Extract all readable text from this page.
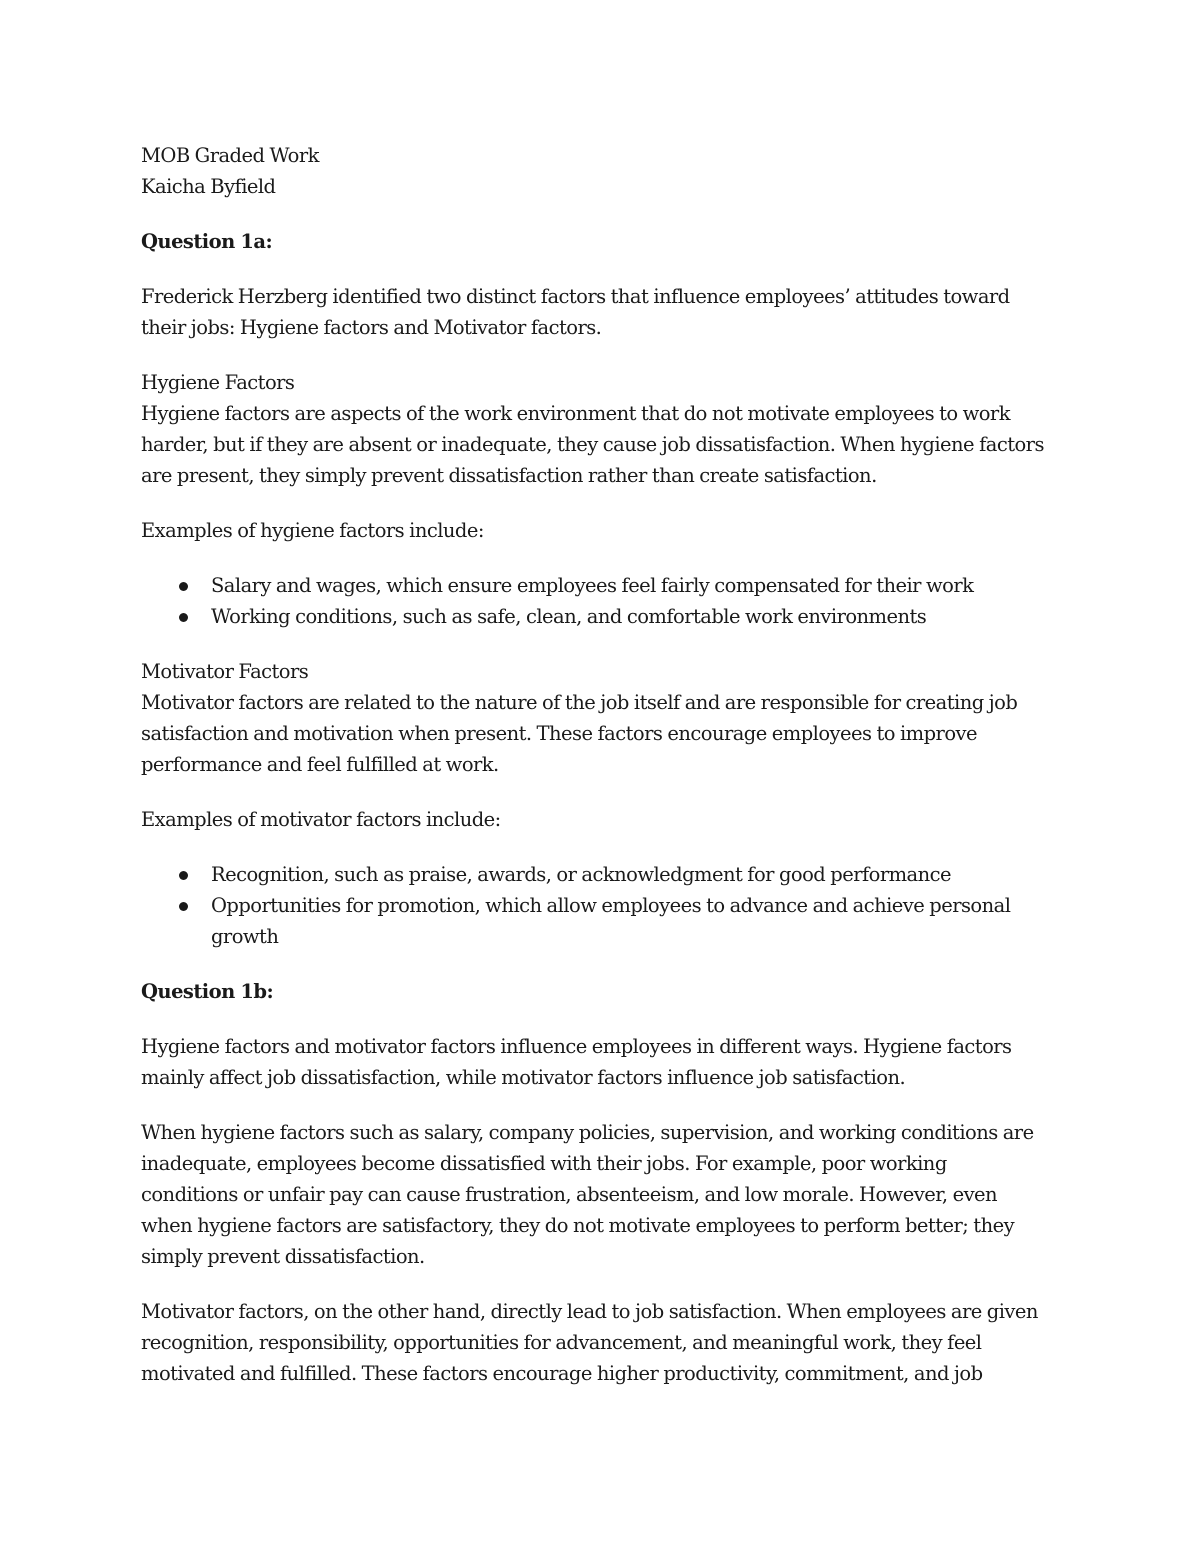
MOB Graded Work
Kaicha Byfield

Question 1a:

Frederick Herzberg identified two distinct factors that influence employees’ attitudes toward
their jobs: Hygiene factors and Motivator factors.

Hygiene Factors
Hygiene factors are aspects of the work environment that do not motivate employees to work
harder, but if they are absent or inadequate, they cause job dissatisfaction. When hygiene factors
are present, they simply prevent dissatisfaction rather than create satisfaction.

Examples of hygiene factors include:

Salary and wages, which ensure employees feel fairly compensated for their work
Working conditions, such as safe, clean, and comfortable work environments

Motivator Factors
Motivator factors are related to the nature of the job itself and are responsible for creating job
satisfaction and motivation when present. These factors encourage employees to improve
performance and feel fulfilled at work.

Examples of motivator factors include:

Recognition, such as praise, awards, or acknowledgment for good performance
Opportunities for promotion, which allow employees to advance and achieve personal
growth

Question 1b:

Hygiene factors and motivator factors influence employees in different ways. Hygiene factors
mainly affect job dissatisfaction, while motivator factors influence job satisfaction.

When hygiene factors such as salary, company policies, supervision, and working conditions are
inadequate, employees become dissatisfied with their jobs. For example, poor working
conditions or unfair pay can cause frustration, absenteeism, and low morale. However, even
when hygiene factors are satisfactory, they do not motivate employees to perform better; they
simply prevent dissatisfaction.

Motivator factors, on the other hand, directly lead to job satisfaction. When employees are given
recognition, responsibility, opportunities for advancement, and meaningful work, they feel
motivated and fulfilled. These factors encourage higher productivity, commitment, and job
